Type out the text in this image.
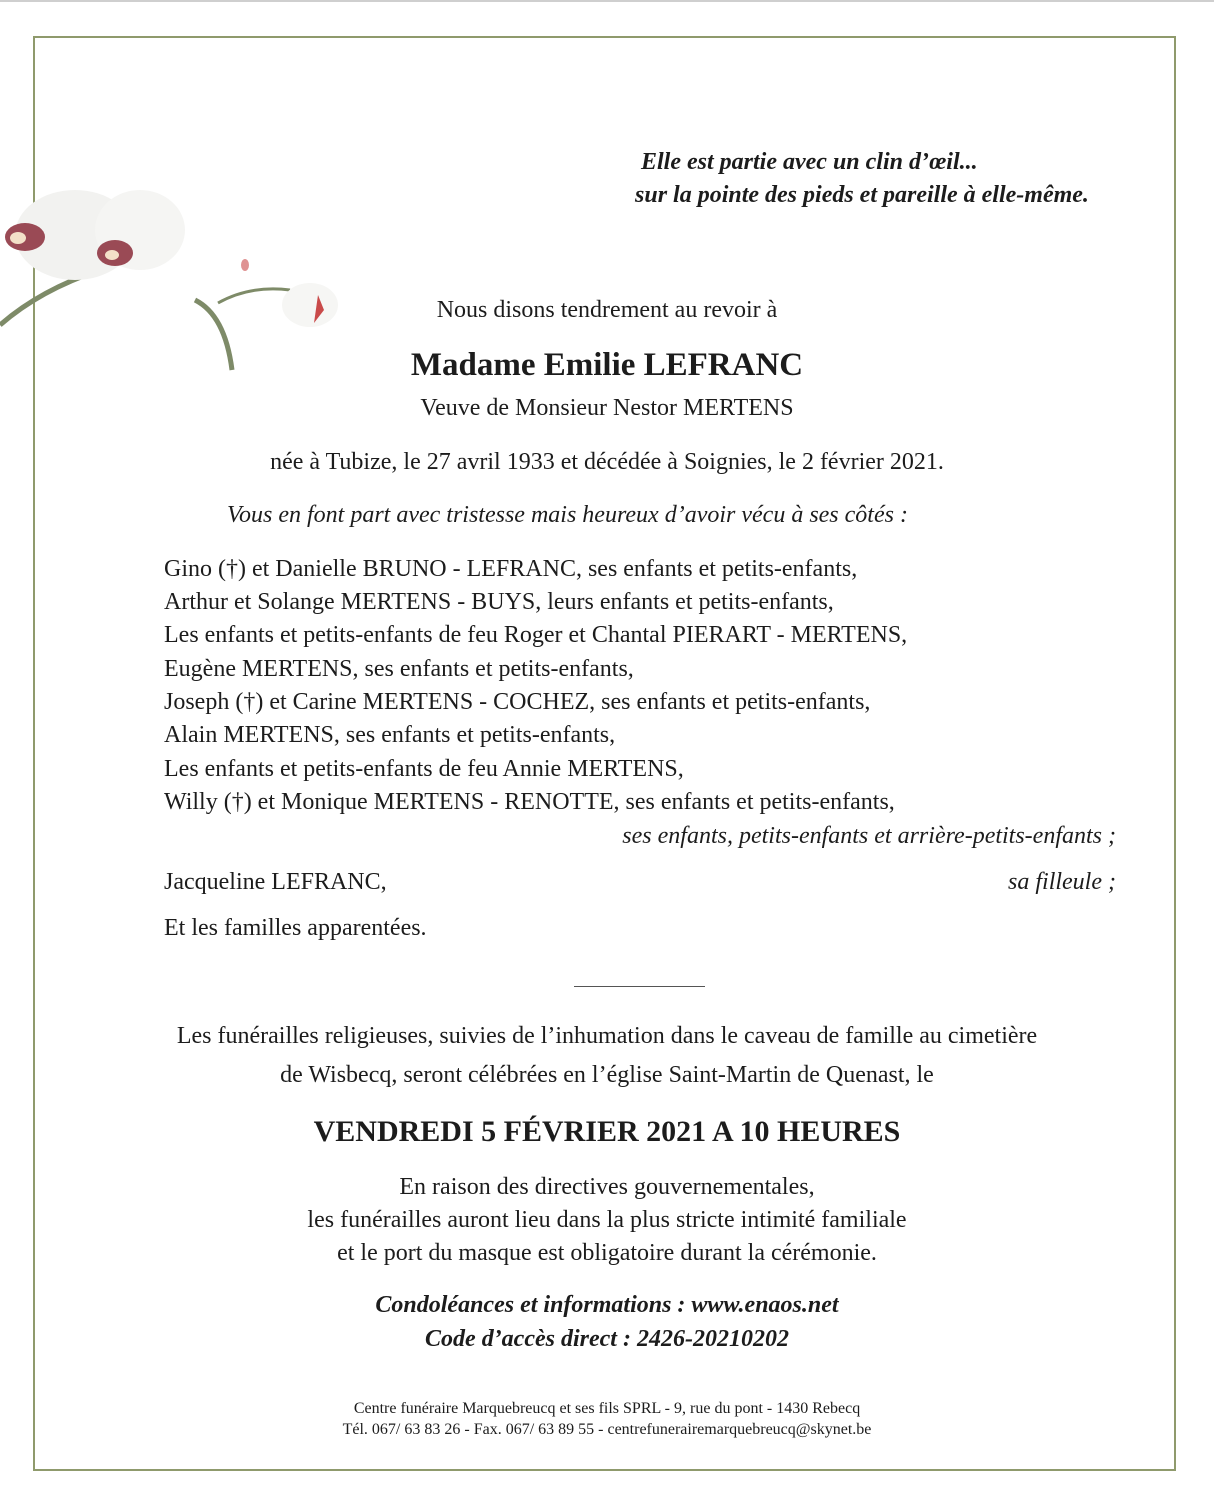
Elle est partie avec un clin d’œil...

sur la pointe des pieds et pareille à elle-même.

Nous disons tendrement au revoir à

Madame Emilie LEFRANC

Veuve de Monsieur Nestor MERTENS

née à Tubize, le 27 avril 1933 et décédée à Soignies, le 2 février 2021.

Vous en font part avec tristesse mais heureux d’avoir vécu à ses côtés :

Gino (†) et Danielle BRUNO - LEFRANC, ses enfants et petits-enfants,

Arthur et Solange MERTENS - BUYS, leurs enfants et petits-enfants,

Les enfants et petits-enfants de feu Roger et Chantal PIERART - MERTENS,

Eugène MERTENS, ses enfants et petits-enfants,

Joseph (†) et Carine MERTENS - COCHEZ, ses enfants et petits-enfants,

Alain MERTENS, ses enfants et petits-enfants,

Les enfants et petits-enfants de feu Annie MERTENS,

Willy (†) et Monique MERTENS - RENOTTE, ses enfants et petits-enfants,

ses enfants, petits-enfants et arrière-petits-enfants ;

Jacqueline LEFRANC,	sa filleule ;

Et les familles apparentées.

Les funérailles religieuses, suivies de l’inhumation dans le caveau de famille au cimetière

de Wisbecq, seront célébrées en l’église Saint-Martin de Quenast, le

VENDREDI 5 FÉVRIER 2021 A 10 HEURES

En raison des directives gouvernementales,

les funérailles auront lieu dans la plus stricte intimité familiale

et le port du masque est obligatoire durant la cérémonie.

Condoléances et informations : www.enaos.net

Code d’accès direct : 2426-20210202

Centre funéraire Marquebreucq et ses fils SPRL - 9, rue du pont - 1430 Rebecq

Tél. 067/ 63 83 26 - Fax. 067/ 63 89 55 - centrefunerairemarquebreucq@skynet.be
